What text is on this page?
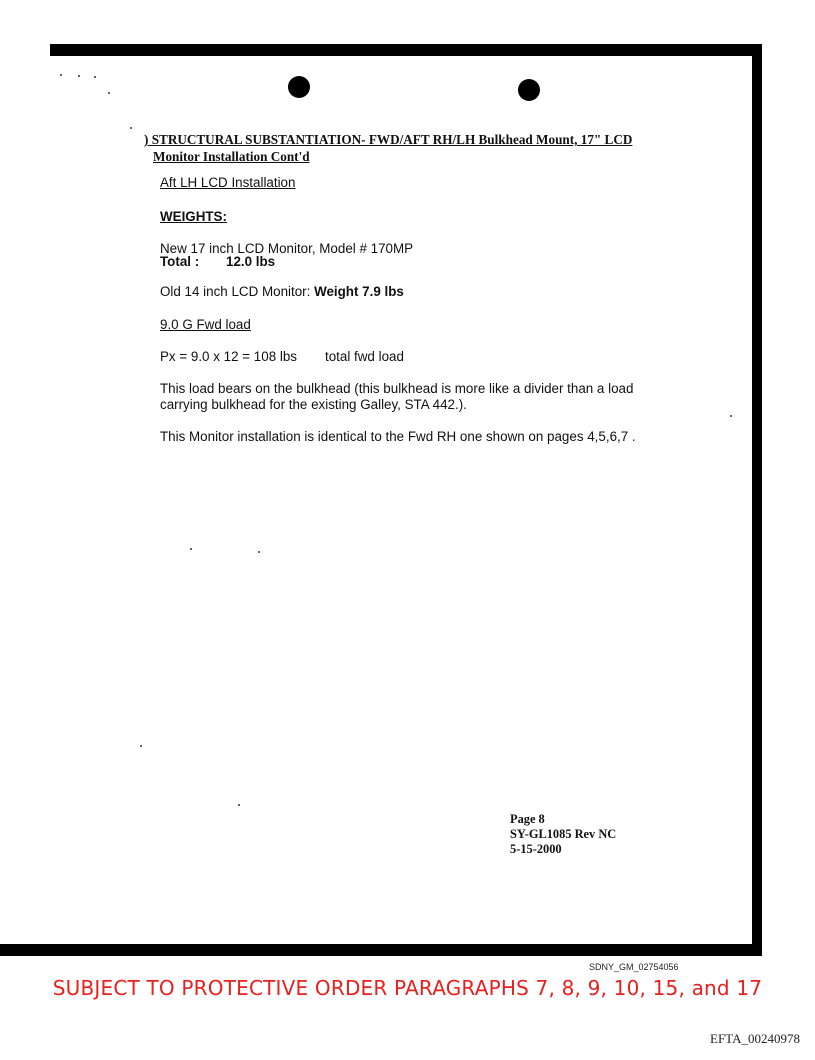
) STRUCTURAL SUBSTANTIATION- FWD/AFT RH/LH Bulkhead Mount, 17" LCD
Monitor Installation Cont'd
Aft LH LCD Installation
WEIGHTS:
New 17 inch LCD Monitor, Model # 170MP
Total : 12.0 lbs
Old 14 inch LCD Monitor: Weight 7.9 lbs
9.0 G Fwd load
Px = 9.0 x 12 = 108 lbs total fwd load
This load bears on the bulkhead (this bulkhead is more like a divider than a load
carrying bulkhead for the existing Galley, STA 442.).
This Monitor installation is identical to the Fwd RH one shown on pages 4,5,6,7 .
Page 8
SY-GL1085 Rev NC
5-15-2000
SDNY_GM_02754056
SUBJECT TO PROTECTIVE ORDER PARAGRAPHS 7, 8, 9, 10, 15, and 17
EFTA_00240978
